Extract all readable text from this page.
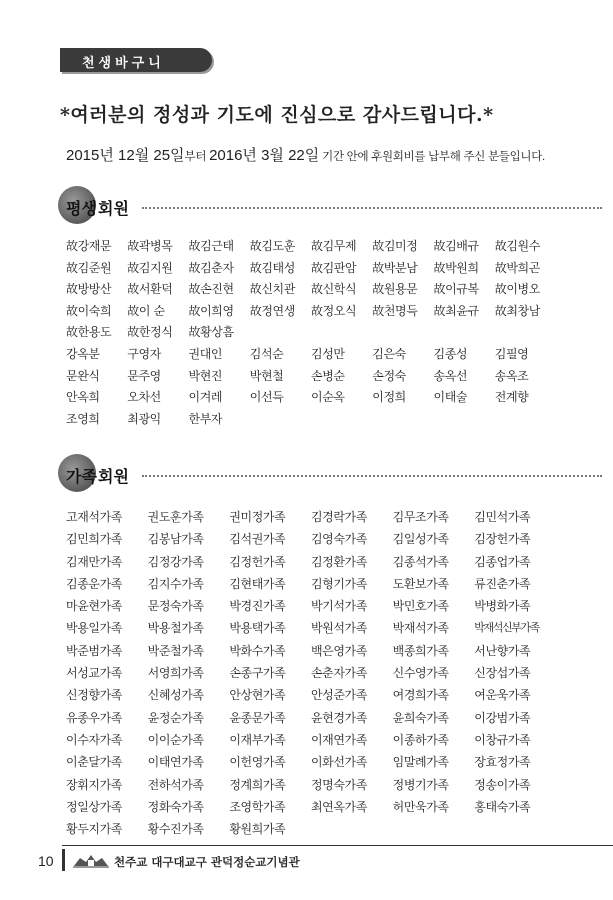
천생바구니
*여러분의 정성과 기도에 진심으로 감사드립니다.*
2015년 12월 25일부터 2016년 3월 22일 기간 안에 후원회비를 납부해 주신 분들입니다.
평생 회원
故강재문 故곽병목 故김근태 故김도훈 故김무제 故김미정 故김배규 故김원수故김준원 故김지원 故김춘자 故김태성 故김판암 故박분남 故박원희 故박희곤故방방산 故서환덕 故손진현 故신치관 故신학식 故원용문 故이규복 故이병오故이숙희 故이 순 故이희영 故정연생 故정오식 故천명득 故최윤규 故최창남故한용도 故한정식 故황상흠강옥분 구영자 권대인 김석순 김성만 김은숙 김종성 김필영문완식 문주영 박현진 박현철 손병순 손정숙 송옥선 송옥조안옥희 오차선 이겨레 이선득 이순옥 이정희 이태술 전계향조영희 최광익 한부자
가족 회원
고재석가족 권도훈가족 권미정가족 김경락가족 김무조가족 김민석가족김민희가족 김봉남가족 김석권가족 김영숙가족 김일성가족 김장헌가족김재만가족 김정강가족 김정헌가족 김정환가족 김종석가족 김종업가족김종운가족 김지수가족 김현태가족 김형기가족 도환보가족 류진춘가족마윤현가족 문정숙가족 박경진가족 박기석가족 박민호가족 박병화가족박용일가족 박용철가족 박용택가족 박원석가족 박재석가족 박재석신부가족박준범가족 박준철가족 박화수가족 백은영가족 백종희가족 서난향가족서성교가족 서영희가족 손종구가족 손춘자가족 신수영가족 신장섭가족신정향가족 신혜성가족 안상현가족 안성준가족 여경희가족 여운욱가족유종우가족 윤정순가족 윤종문가족 윤현경가족 윤희숙가족 이강범가족이수자가족 이이순가족 이재부가족 이재연가족 이종하가족 이창규가족이춘달가족 이태연가족 이헌영가족 이화선가족 임말례가족 장효정가족장휘지가족 전하석가족 정계희가족 정명숙가족 정병기가족 정송이가족정일상가족 정화숙가족 조영학가족 최연옥가족 허만욱가족 홍태숙가족황두지가족 황수진가족 황원희가족
10	천주교 대구대교구 관덕정순교기념관
